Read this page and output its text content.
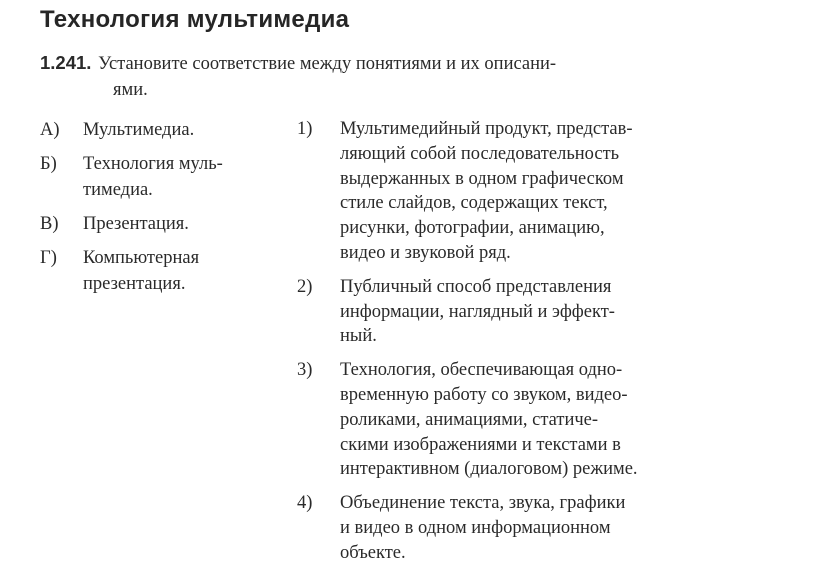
Технология мультимедиа
1.241. Установите соответствие между понятиями и их описани-
ями.
А) Мультимедиа.
Б) Технология муль-
тимедиа.
В) Презентация.
Г) Компьютерная
презентация.
1) Мультимедийный продукт, представ-
ляющий собой последовательность
выдержанных в одном графическом
стиле слайдов, содержащих текст,
рисунки, фотографии, анимацию,
видео и звуковой ряд.
2) Публичный способ представления
информации, наглядный и эффект-
ный.
3) Технология, обеспечивающая одно-
временную работу со звуком, видео-
роликами, анимациями, статиче-
скими изображениями и текстами в
интерактивном (диалоговом) режиме.
4) Объединение текста, звука, графики
и видео в одном информационном
объекте.
